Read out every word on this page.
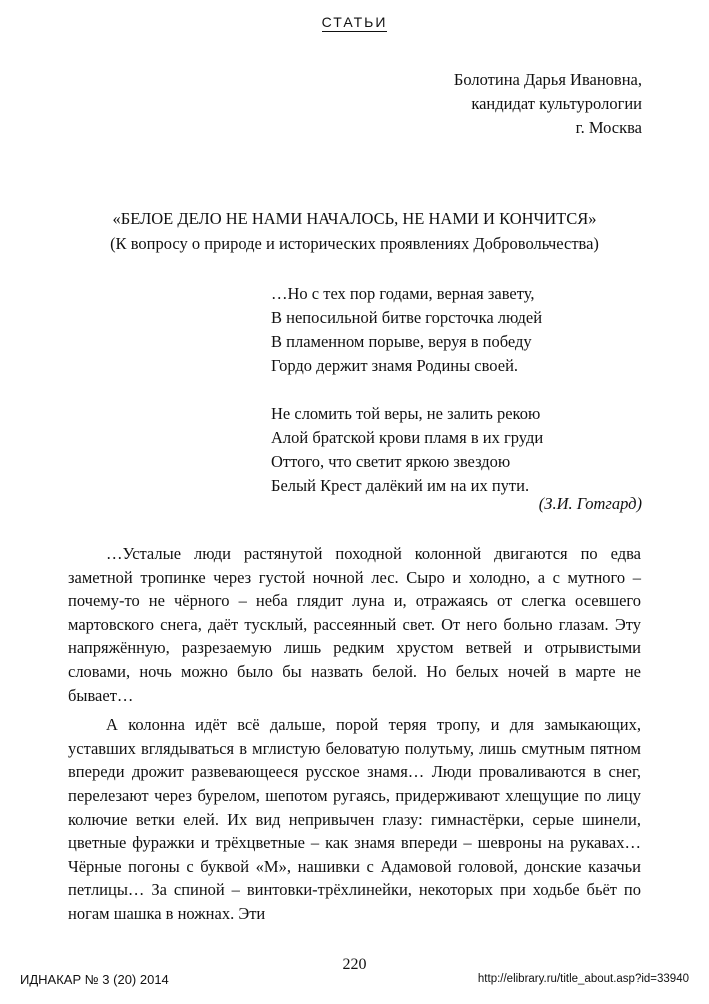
СТАТЬИ
Болотина Дарья Ивановна,
кандидат культурологии
г. Москва
«БЕЛОЕ ДЕЛО НЕ НАМИ НАЧАЛОСЬ, НЕ НАМИ И КОНЧИТСЯ»
(К вопросу о природе и исторических проявлениях Добровольчества)
…Но с тех пор годами, верная завету,
В непосильной битве горсточка людей
В пламенном порыве, веруя в победу
Гордо держит знамя Родины своей.
Не сломить той веры, не залить рекою
Алой братской крови пламя в их груди
Оттого, что светит яркою звездою
Белый Крест далёкий им на их пути.
(З.И. Готгард)

…Усталые люди растянутой походной колонной двигаются по едва заметной тропинке через густой ночной лес. Сыро и холодно, а с мутного – почему-то не чёрного – неба глядит луна и, отражаясь от слегка осевшего мартовского снега, даёт тусклый, рассеянный свет. От него больно глазам. Эту напряжённую, разрезаемую лишь редким хрустом ветвей и отрывистыми словами, ночь можно было бы назвать белой. Но белых ночей в марте не бывает…

А колонна идёт всё дальше, порой теряя тропу, и для замыкающих, уставших вглядываться в мглистую беловатую полутьму, лишь смутным пятном впереди дрожит развевающееся русское знамя… Люди проваливаются в снег, перелезают через бурелом, шепотом ругаясь, придерживают хлещущие по лицу колючие ветки елей. Их вид непривычен глазу: гимнастёрки, серые шинели, цветные фуражки и трёхцветные – как знамя впереди – шевроны на рукавах… Чёрные погоны с буквой «М», нашивки с Адамовой головой, донские казачьи петлицы… За спиной – винтовки-трёхлинейки, некоторых при ходьбе бьёт по ногам шашка в ножнах. Эти

220
ИДНАКАР № 3 (20) 2014	http://elibrary.ru/title_about.asp?id=33940
